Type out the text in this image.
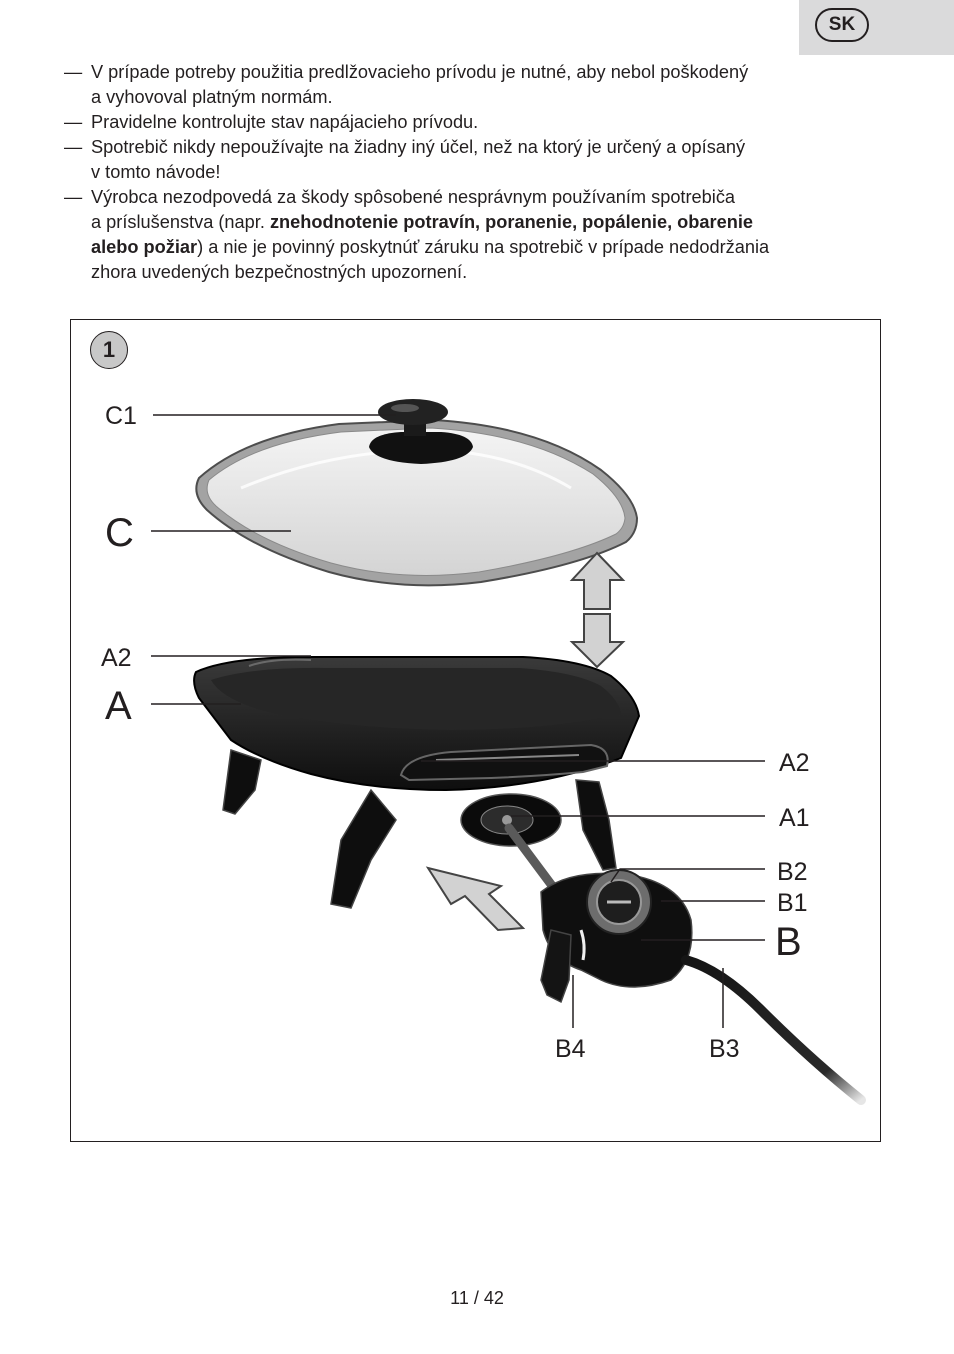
SK
— V prípade potreby použitia predlžovacieho prívodu je nutné, aby nebol poškodený
a vyhovoval platným normám.
— Pravidelne kontrolujte stav napájacieho prívodu.
— Spotrebič nikdy nepoužívajte na žiadny iný účel, než na ktorý je určený a opísaný
v tomto návode!
— Výrobca nezodpovedá za škody spôsobené nesprávnym používaním spotrebiča
a príslušenstva (napr. znehodnotenie potravín, poranenie, popálenie, obarenie
alebo požiar) a nie je povinný poskytnúť záruku na spotrebič v prípade nedodržania
zhora uvedených bezpečnostných upozornení.
1
C1
C
A2
A
A2
A1
B2
B1
B
B4	B3
11 / 42
